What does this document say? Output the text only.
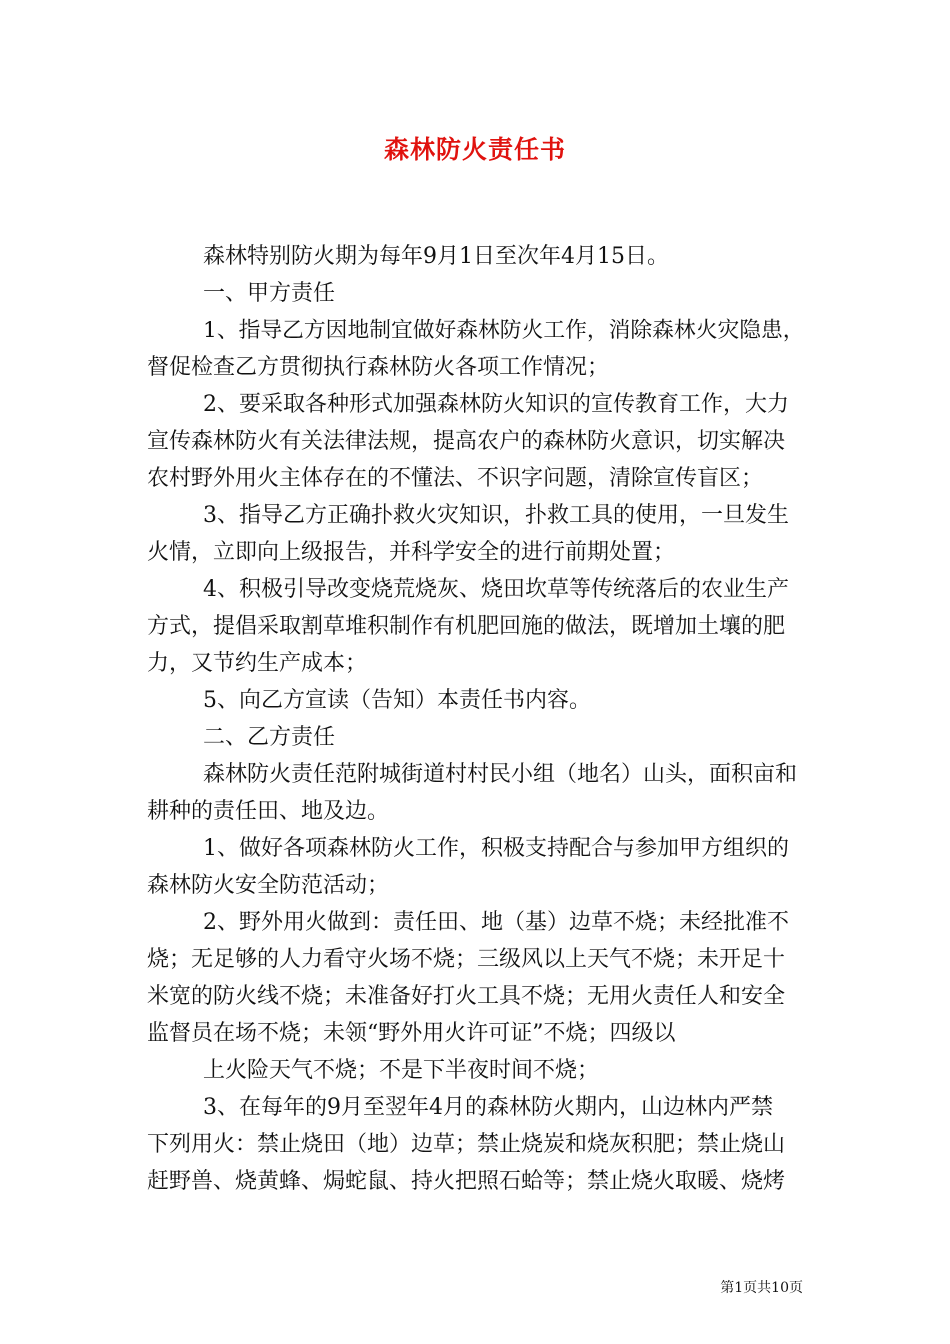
森林防火责任书
森林特别防火期为每年9月1日至次年4月15日。
一、甲方责任
1、指导乙方因地制宜做好森林防火工作，消除森林火灾隐患，
督促检查乙方贯彻执行森林防火各项工作情况；
2、要采取各种形式加强森林防火知识的宣传教育工作，大力
宣传森林防火有关法律法规，提高农户的森林防火意识，切实解决
农村野外用火主体存在的不懂法、不识字问题，清除宣传盲区；
3、指导乙方正确扑救火灾知识，扑救工具的使用，一旦发生
火情，立即向上级报告，并科学安全的进行前期处置；
4、积极引导改变烧荒烧灰、烧田坎草等传统落后的农业生产
方式，提倡采取割草堆积制作有机肥回施的做法，既增加土壤的肥
力，又节约生产成本；
5、向乙方宣读（告知）本责任书内容。
二、乙方责任
森林防火责任范附城街道村村民小组（地名）山头，面积亩和
耕种的责任田、地及边。
1、做好各项森林防火工作，积极支持配合与参加甲方组织的
森林防火安全防范活动；
2、野外用火做到：责任田、地（基）边草不烧；未经批准不
烧；无足够的人力看守火场不烧；三级风以上天气不烧；未开足十
米宽的防火线不烧；未准备好打火工具不烧；无用火责任人和安全
监督员在场不烧；未领“野外用火许可证”不烧；四级以
上火险天气不烧；不是下半夜时间不烧；
3、在每年的9月至翌年4月的森林防火期内，山边林内严禁
下列用火：禁止烧田（地）边草；禁止烧炭和烧灰积肥；禁止烧山
赶野兽、烧黄蜂、焗蛇鼠、持火把照石蛤等；禁止烧火取暖、烧烤
第1页共10页
